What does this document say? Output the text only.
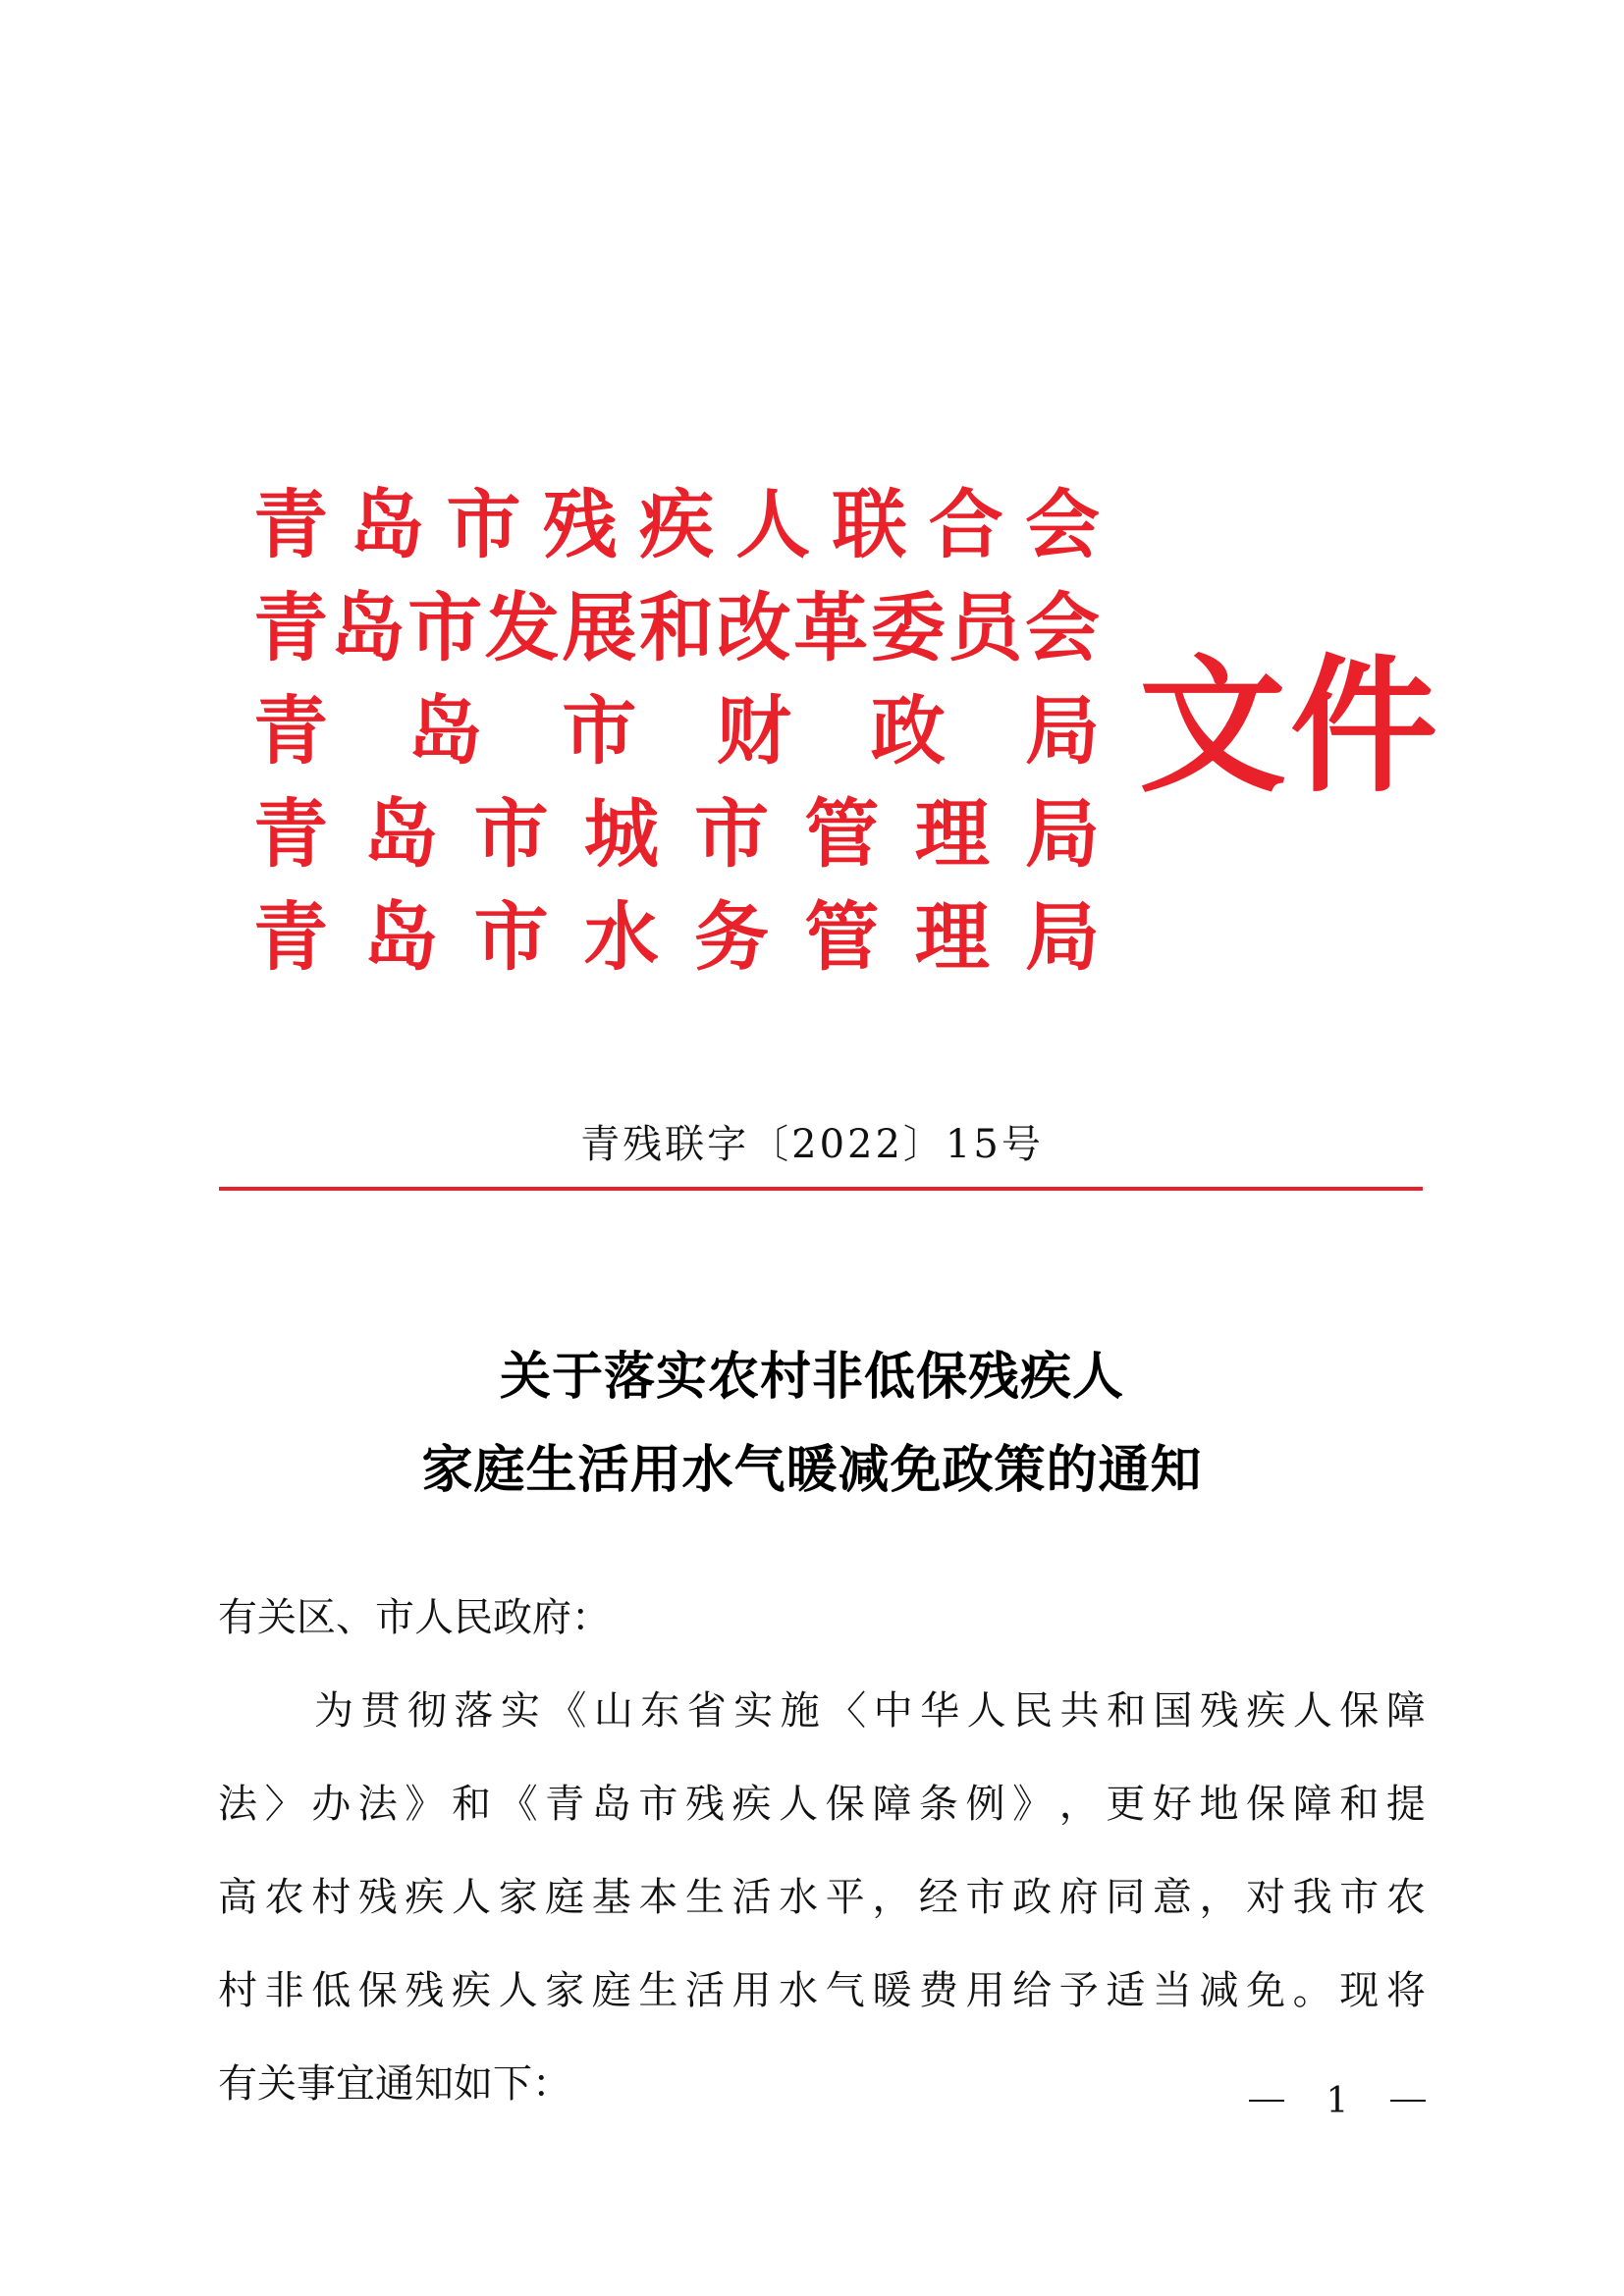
青 岛 市 残 疾 人 联 合 会
青 岛 市 发 展 和 改 革 委 员 会
青 岛 市 财 政 局
青 岛 市 城 市 管 理 局
青 岛 市 水 务 管 理 局
文件
青残联字〔2022〕15号
关于落实农村非低保残疾人
家庭生活用水气暖减免政策的通知
有关区、市人民政府：
为 贯 彻 落 实 《 山 东 省 实 施 〈 中 华 人 民 共 和 国 残 疾 人 保 障
法 〉 办 法 》 和 《 青 岛 市 残 疾 人 保 障 条 例 》 ， 更 好 地 保 障 和 提
高 农 村 残 疾 人 家 庭 基 本 生 活 水 平 ， 经 市 政 府 同 意 ， 对 我 市 农
村 非 低 保 残 疾 人 家 庭 生 活 用 水 气 暖 费 用 给 予 适 当 减 免 。 现 将
有关事宜通知如下：	1
